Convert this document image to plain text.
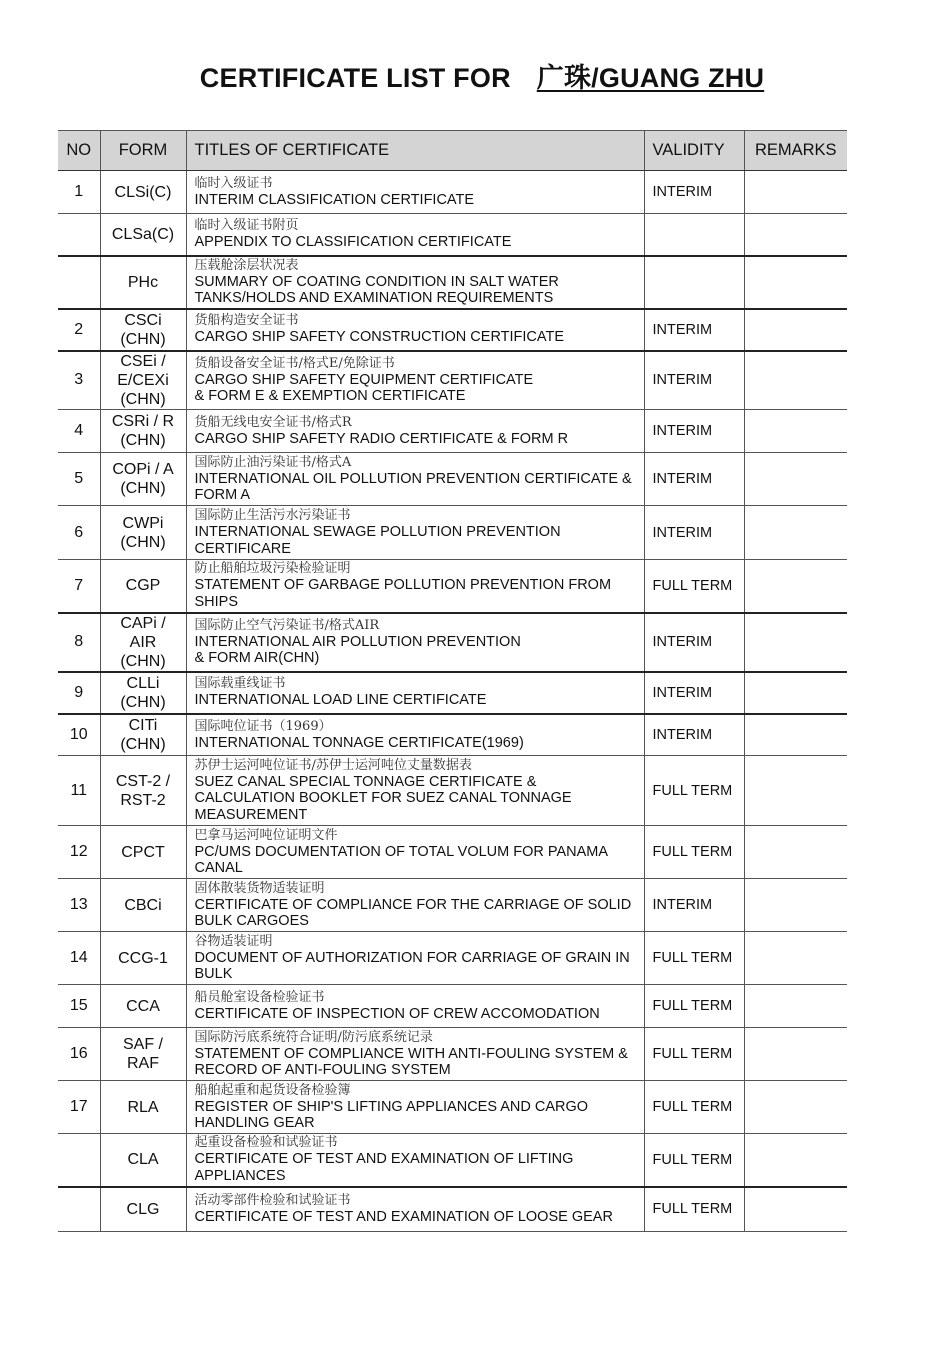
CERTIFICATE LIST FOR 广珠/GUANG ZHU
NO	FORM	TITLES OF CERTIFICATE	VALIDITY	REMARKS
1	CLSi(C)	临时入级证书
INTERIM CLASSIFICATION CERTIFICATE	INTERIM	
	CLSa(C)	临时入级证书附页
APPENDIX TO CLASSIFICATION CERTIFICATE		

	PHc	压载舱涂层状况表
SUMMARY OF COATING CONDITION IN SALT WATER
TANKS/HOLDS AND EXAMINATION REQUIREMENTS		

2	CSCi
(CHN)	货船构造安全证书
CARGO SHIP SAFETY CONSTRUCTION CERTIFICATE	INTERIM	
3	CSEi /
E/CEXi
(CHN)	货船设备安全证书/格式E/免除证书
CARGO SHIP SAFETY EQUIPMENT CERTIFICATE
& FORM E & EXEMPTION CERTIFICATE	INTERIM	
4	CSRi / R
(CHN)	货船无线电安全证书/格式R
CARGO SHIP SAFETY RADIO CERTIFICATE & FORM R	INTERIM	
5	COPi / A
(CHN)	国际防止油污染证书/格式A
INTERNATIONAL OIL POLLUTION PREVENTION CERTIFICATE &
FORM A	INTERIM	
6	CWPi
(CHN)	国际防止生活污水污染证书
INTERNATIONAL SEWAGE POLLUTION PREVENTION
CERTIFICARE	INTERIM	
7	CGP	防止船舶垃圾污染检验证明
STATEMENT OF GARBAGE POLLUTION PREVENTION FROM
SHIPS	FULL TERM	
8	CAPi /
AIR
(CHN)	国际防止空气污染证书/格式AIR
INTERNATIONAL AIR POLLUTION PREVENTION
& FORM AIR(CHN)	INTERIM	
9	CLLi
(CHN)	国际载重线证书
INTERNATIONAL LOAD LINE CERTIFICATE	INTERIM	
10	CITi
(CHN)	国际吨位证书（1969）
INTERNATIONAL TONNAGE CERTIFICATE(1969)	INTERIM	
11	CST-2 /
RST-2	苏伊士运河吨位证书/苏伊士运河吨位丈量数据表
SUEZ CANAL SPECIAL TONNAGE CERTIFICATE &
CALCULATION BOOKLET FOR SUEZ CANAL TONNAGE
MEASUREMENT	FULL TERM	
12	CPCT	巴拿马运河吨位证明文件
PC/UMS DOCUMENTATION OF TOTAL VOLUM FOR PANAMA
CANAL	FULL TERM	
13	CBCi	固体散装货物适装证明
CERTIFICATE OF COMPLIANCE FOR THE CARRIAGE OF SOLID
BULK CARGOES	INTERIM	
14	CCG-1	谷物适装证明
DOCUMENT OF AUTHORIZATION FOR CARRIAGE OF GRAIN IN
BULK	FULL TERM	
15	CCA	船员舱室设备检验证书
CERTIFICATE OF INSPECTION OF CREW ACCOMODATION	FULL TERM	
16	SAF /
RAF	国际防污底系统符合证明/防污底系统记录
STATEMENT OF COMPLIANCE WITH ANTI-FOULING SYSTEM &
RECORD OF ANTI-FOULING SYSTEM	FULL TERM	
17	RLA	船舶起重和起货设备检验簿
REGISTER OF SHIP'S LIFTING APPLIANCES AND CARGO
HANDLING GEAR	FULL TERM	
	CLA	起重设备检验和试验证书
CERTIFICATE OF TEST AND EXAMINATION OF LIFTING
APPLIANCES	FULL TERM	
	CLG	活动零部件检验和试验证书
CERTIFICATE OF TEST AND EXAMINATION OF LOOSE GEAR	FULL TERM	
